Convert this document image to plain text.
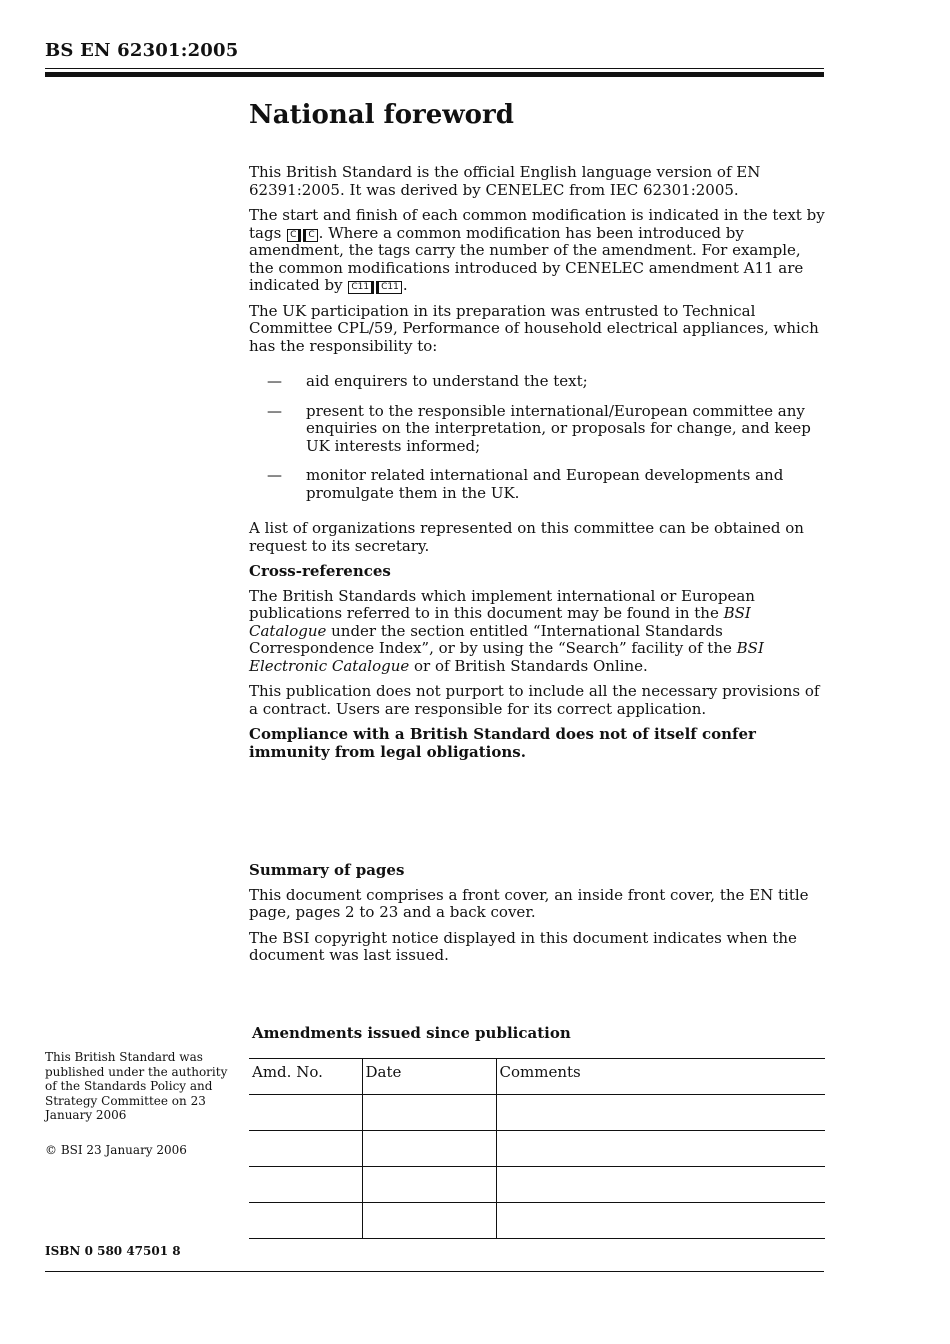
BS EN 62301:2005
National foreword

This British Standard is the official English language version of EN 62391:2005. It was derived by CENELEC from IEC 62301:2005.

The start and finish of each common modification is indicated in the text by tags C C . Where a common modification has been introduced by amendment, the tags carry the number of the amendment. For example, the common modifications introduced by CENELEC amendment A11 are indicated by C11 C11 .

The UK participation in its preparation was entrusted to Technical Committee CPL/59, Performance of household electrical appliances, which has the responsibility to:

— aid enquirers to understand the text;
— present to the responsible international/European committee any enquiries on the interpretation, or proposals for change, and keep UK interests informed;
— monitor related international and European developments and promulgate them in the UK.

A list of organizations represented on this committee can be obtained on request to its secretary.

Cross-references

The British Standards which implement international or European publications referred to in this document may be found in the BSI Catalogue under the section entitled “International Standards Correspondence Index”, or by using the “Search” facility of the BSI Electronic Catalogue or of British Standards Online.

This publication does not purport to include all the necessary provisions of a contract. Users are responsible for its correct application.

Compliance with a British Standard does not of itself confer immunity from legal obligations.

Summary of pages

This document comprises a front cover, an inside front cover, the EN title page, pages 2 to 23 and a back cover.

The BSI copyright notice displayed in this document indicates when the document was last issued.

Amendments issued since publication
Amd. No.	Date	Comments

This British Standard was published under the authority of the Standards Policy and Strategy Committee on 23 January 2006

© BSI 23 January 2006

ISBN 0 580 47501 8
